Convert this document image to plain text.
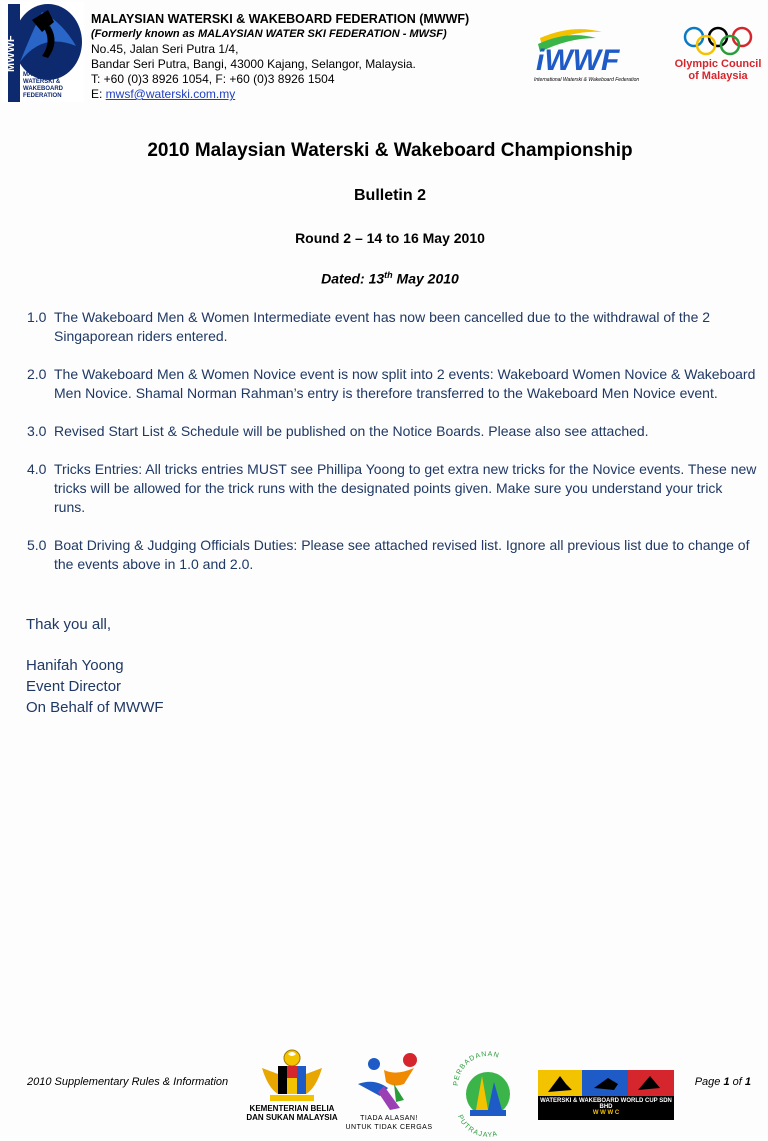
MWWF
MALAYSIAN
WATERSKI &
WAKEBOARD
FEDERATION
MALAYSIAN WATERSKI & WAKEBOARD FEDERATION (MWWF)
(Formerly known as MALAYSIAN WATER SKI FEDERATION - MWSF)
No.45, Jalan Seri Putra 1/4,
Bandar Seri Putra, Bangi, 43000 Kajang, Selangor, Malaysia.
T: +60 (0)3 8926 1054, F: +60 (0)3 8926 1504
E: mwsf@waterski.com.my
iWWF
International Waterski & Wakeboard Federation
Olympic Council of Malaysia
2010 Malaysian Waterski & Wakeboard Championship
Bulletin 2
Round 2 – 14 to 16 May 2010
Dated: 13th May 2010
1.0 The Wakeboard Men & Women Intermediate event has now been cancelled due to the withdrawal of the 2 Singaporean riders entered.
2.0 The Wakeboard Men & Women Novice event is now split into 2 events: Wakeboard Women Novice & Wakeboard Men Novice. Shamal Norman Rahman’s entry is therefore transferred to the Wakeboard Men Novice event.
3.0 Revised Start List & Schedule will be published on the Notice Boards. Please also see attached.
4.0 Tricks Entries: All tricks entries MUST see Phillipa Yoong to get extra new tricks for the Novice events. These new tricks will be allowed for the trick runs with the designated points given. Make sure you understand your trick runs.
5.0 Boat Driving & Judging Officials Duties: Please see attached revised list. Ignore all previous list due to change of the events above in 1.0 and 2.0.
Thak you all,
Hanifah Yoong
Event Director
On Behalf of MWWF
2010 Supplementary Rules & Information
KEMENTERIAN BELIA DAN SUKAN MALAYSIA	TIADA ALASAN!
UNTUK TIDAK CERGAS
PERBADANAN
PUTRAJAYA
WATERSKI & WAKEBOARD WORLD CUP SDN BHD
W W W C
Page 1 of 1
